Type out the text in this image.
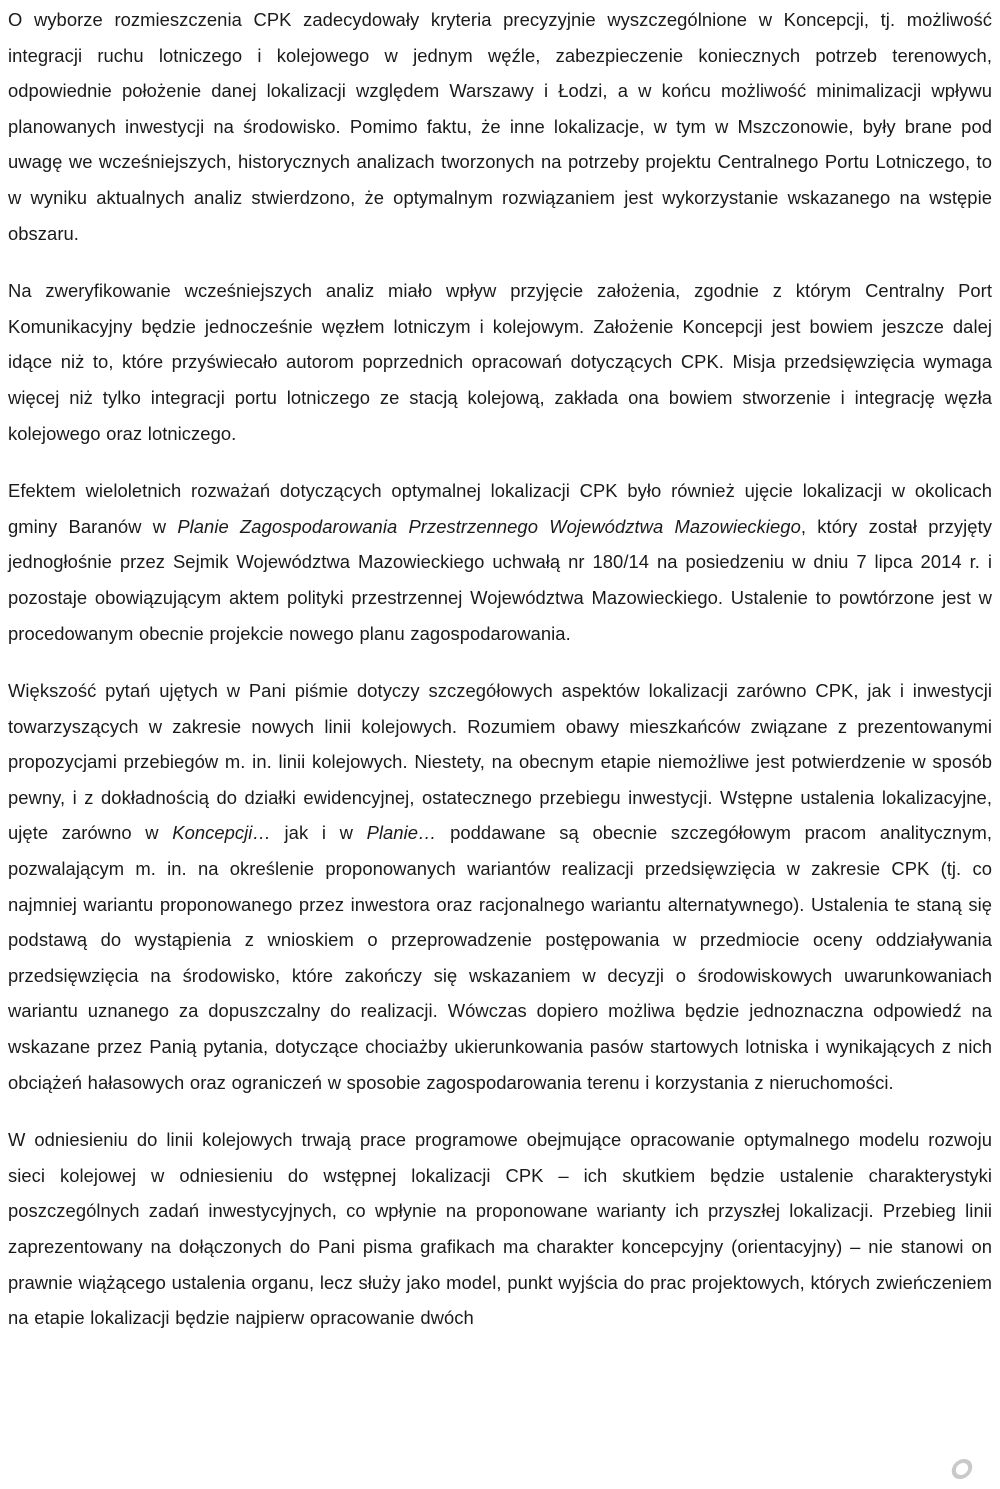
O wyborze rozmieszczenia CPK zadecydowały kryteria precyzyjnie wyszczególnione w Koncepcji, tj. możliwość integracji ruchu lotniczego i kolejowego w jednym węźle, zabezpieczenie koniecznych potrzeb terenowych, odpowiednie położenie danej lokalizacji względem Warszawy i Łodzi, a w końcu możliwość minimalizacji wpływu planowanych inwestycji na środowisko. Pomimo faktu, że inne lokalizacje, w tym w Mszczonowie, były brane pod uwagę we wcześniejszych, historycznych analizach tworzonych na potrzeby projektu Centralnego Portu Lotniczego, to w wyniku aktualnych analiz stwierdzono, że optymalnym rozwiązaniem jest wykorzystanie wskazanego na wstępie obszaru.

Na zweryfikowanie wcześniejszych analiz miało wpływ przyjęcie założenia, zgodnie z którym Centralny Port Komunikacyjny będzie jednocześnie węzłem lotniczym i kolejowym. Założenie Koncepcji jest bowiem jeszcze dalej idące niż to, które przyświecało autorom poprzednich opracowań dotyczących CPK. Misja przedsięwzięcia wymaga więcej niż tylko integracji portu lotniczego ze stacją kolejową, zakłada ona bowiem stworzenie i integrację węzła kolejowego oraz lotniczego.

Efektem wieloletnich rozważań dotyczących optymalnej lokalizacji CPK było również ujęcie lokalizacji w okolicach gminy Baranów w Planie Zagospodarowania Przestrzennego Województwa Mazowieckiego, który został przyjęty jednogłośnie przez Sejmik Województwa Mazowieckiego uchwałą nr 180/14 na posiedzeniu w dniu 7 lipca 2014 r. i pozostaje obowiązującym aktem polityki przestrzennej Województwa Mazowieckiego. Ustalenie to powtórzone jest w procedowanym obecnie projekcie nowego planu zagospodarowania.

Większość pytań ujętych w Pani piśmie dotyczy szczegółowych aspektów lokalizacji zarówno CPK, jak i inwestycji towarzyszących w zakresie nowych linii kolejowych. Rozumiem obawy mieszkańców związane z prezentowanymi propozycjami przebiegów m. in. linii kolejowych. Niestety, na obecnym etapie niemożliwe jest potwierdzenie w sposób pewny, i z dokładnością do działki ewidencyjnej, ostatecznego przebiegu inwestycji. Wstępne ustalenia lokalizacyjne, ujęte zarówno w Koncepcji… jak i w Planie… poddawane są obecnie szczegółowym pracom analitycznym, pozwalającym m. in. na określenie proponowanych wariantów realizacji przedsięwzięcia w zakresie CPK (tj. co najmniej wariantu proponowanego przez inwestora oraz racjonalnego wariantu alternatywnego). Ustalenia te staną się podstawą do wystąpienia z wnioskiem o przeprowadzenie postępowania w przedmiocie oceny oddziaływania przedsięwzięcia na środowisko, które zakończy się wskazaniem w decyzji o środowiskowych uwarunkowaniach wariantu uznanego za dopuszczalny do realizacji. Wówczas dopiero możliwa będzie jednoznaczna odpowiedź na wskazane przez Panią pytania, dotyczące chociażby ukierunkowania pasów startowych lotniska i wynikających z nich obciążeń hałasowych oraz ograniczeń w sposobie zagospodarowania terenu i korzystania z nieruchomości.

W odniesieniu do linii kolejowych trwają prace programowe obejmujące opracowanie optymalnego modelu rozwoju sieci kolejowej w odniesieniu do wstępnej lokalizacji CPK – ich skutkiem będzie ustalenie charakterystyki poszczególnych zadań inwestycyjnych, co wpłynie na proponowane warianty ich przyszłej lokalizacji. Przebieg linii zaprezentowany na dołączonych do Pani pisma grafikach ma charakter koncepcyjny (orientacyjny) – nie stanowi on prawnie wiążącego ustalenia organu, lecz służy jako model, punkt wyjścia do prac projektowych, których zwieńczeniem na etapie lokalizacji będzie najpierw opracowanie dwóch
